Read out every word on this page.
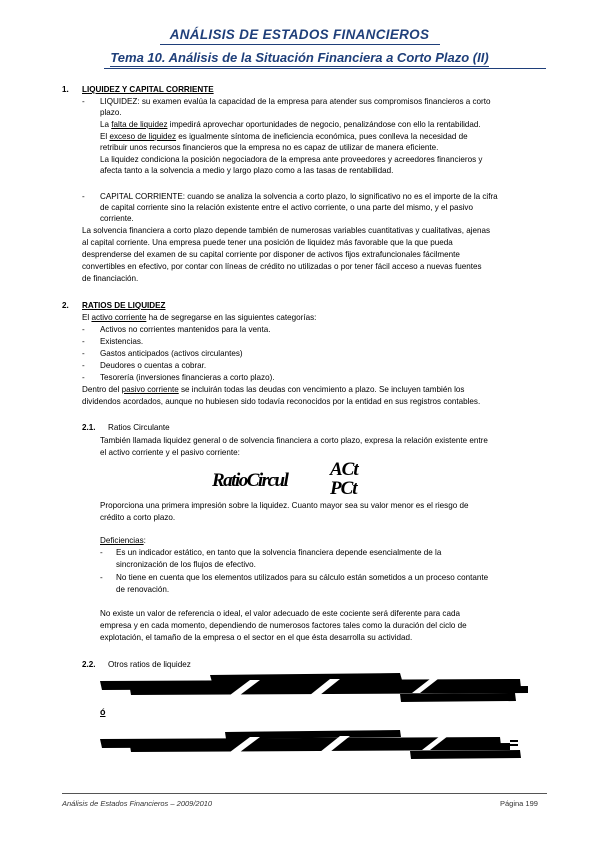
ANÁLISIS DE ESTADOS FINANCIEROS
Tema 10. Análisis de la Situación Financiera a Corto Plazo (II)
1. LIQUIDEZ Y CAPITAL CORRIENTE
- LIQUIDEZ: su examen evalúa la capacidad de la empresa para atender sus compromisos financieros a corto
plazo.
La falta de liquidez impedirá aprovechar oportunidades de negocio, penalizándose con ello la rentabilidad.
El exceso de liquidez es igualmente síntoma de ineficiencia económica, pues conlleva la necesidad de
retribuir unos recursos financieros que la empresa no es capaz de utilizar de manera eficiente.
La liquidez condiciona la posición negociadora de la empresa ante proveedores y acreedores financieros y
afecta tanto a la solvencia a medio y largo plazo como a las tasas de rentabilidad.
- CAPITAL CORRIENTE: cuando se analiza la solvencia a corto plazo, lo significativo no es el importe de la cifra
de capital corriente sino la relación existente entre el activo corriente, o una parte del mismo, y el pasivo
corriente.
La solvencia financiera a corto plazo depende también de numerosas variables cuantitativas y cualitativas, ajenas
al capital corriente. Una empresa puede tener una posición de liquidez más favorable que la que pueda
desprenderse del examen de su capital corriente por disponer de activos fijos extrafuncionales fácilmente
convertibles en efectivo, por contar con líneas de crédito no utilizadas o por tener fácil acceso a nuevas fuentes
de financiación.
2. RATIOS DE LIQUIDEZ
El activo corriente ha de segregarse en las siguientes categorías:
- Activos no corrientes mantenidos para la venta.
- Existencias.
- Gastos anticipados (activos circulantes)
- Deudores o cuentas a cobrar.
- Tesorería (inversiones financieras a corto plazo).
Dentro del pasivo corriente se incluirán todas las deudas con vencimiento a plazo. Se incluyen también los
dividendos acordados, aunque no hubiesen sido todavía reconocidos por la entidad en sus registros contables.
2.1. Ratios Circulante
También llamada liquidez general o de solvencia financiera a corto plazo, expresa la relación existente entre
el activo corriente y el pasivo corriente:
ACt
RatioCircul PCt
Proporciona una primera impresión sobre la liquidez. Cuanto mayor sea su valor menor es el riesgo de
crédito a corto plazo.
Deficiencias:
- Es un indicador estático, en tanto que la solvencia financiera depende esencialmente de la
sincronización de los flujos de efectivo.
- No tiene en cuenta que los elementos utilizados para su cálculo están sometidos a un proceso contante
de renovación.
No existe un valor de referencia o ideal, el valor adecuado de este cociente será diferente para cada
empresa y en cada momento, dependiendo de numerosos factores tales como la duración del ciclo de
explotación, el tamaño de la empresa o el sector en el que ésta desarrolla su actividad.
2.2. Otros ratios de liquidez
ó
Análisis de Estados Financieros – 2009/2010	Página 199
